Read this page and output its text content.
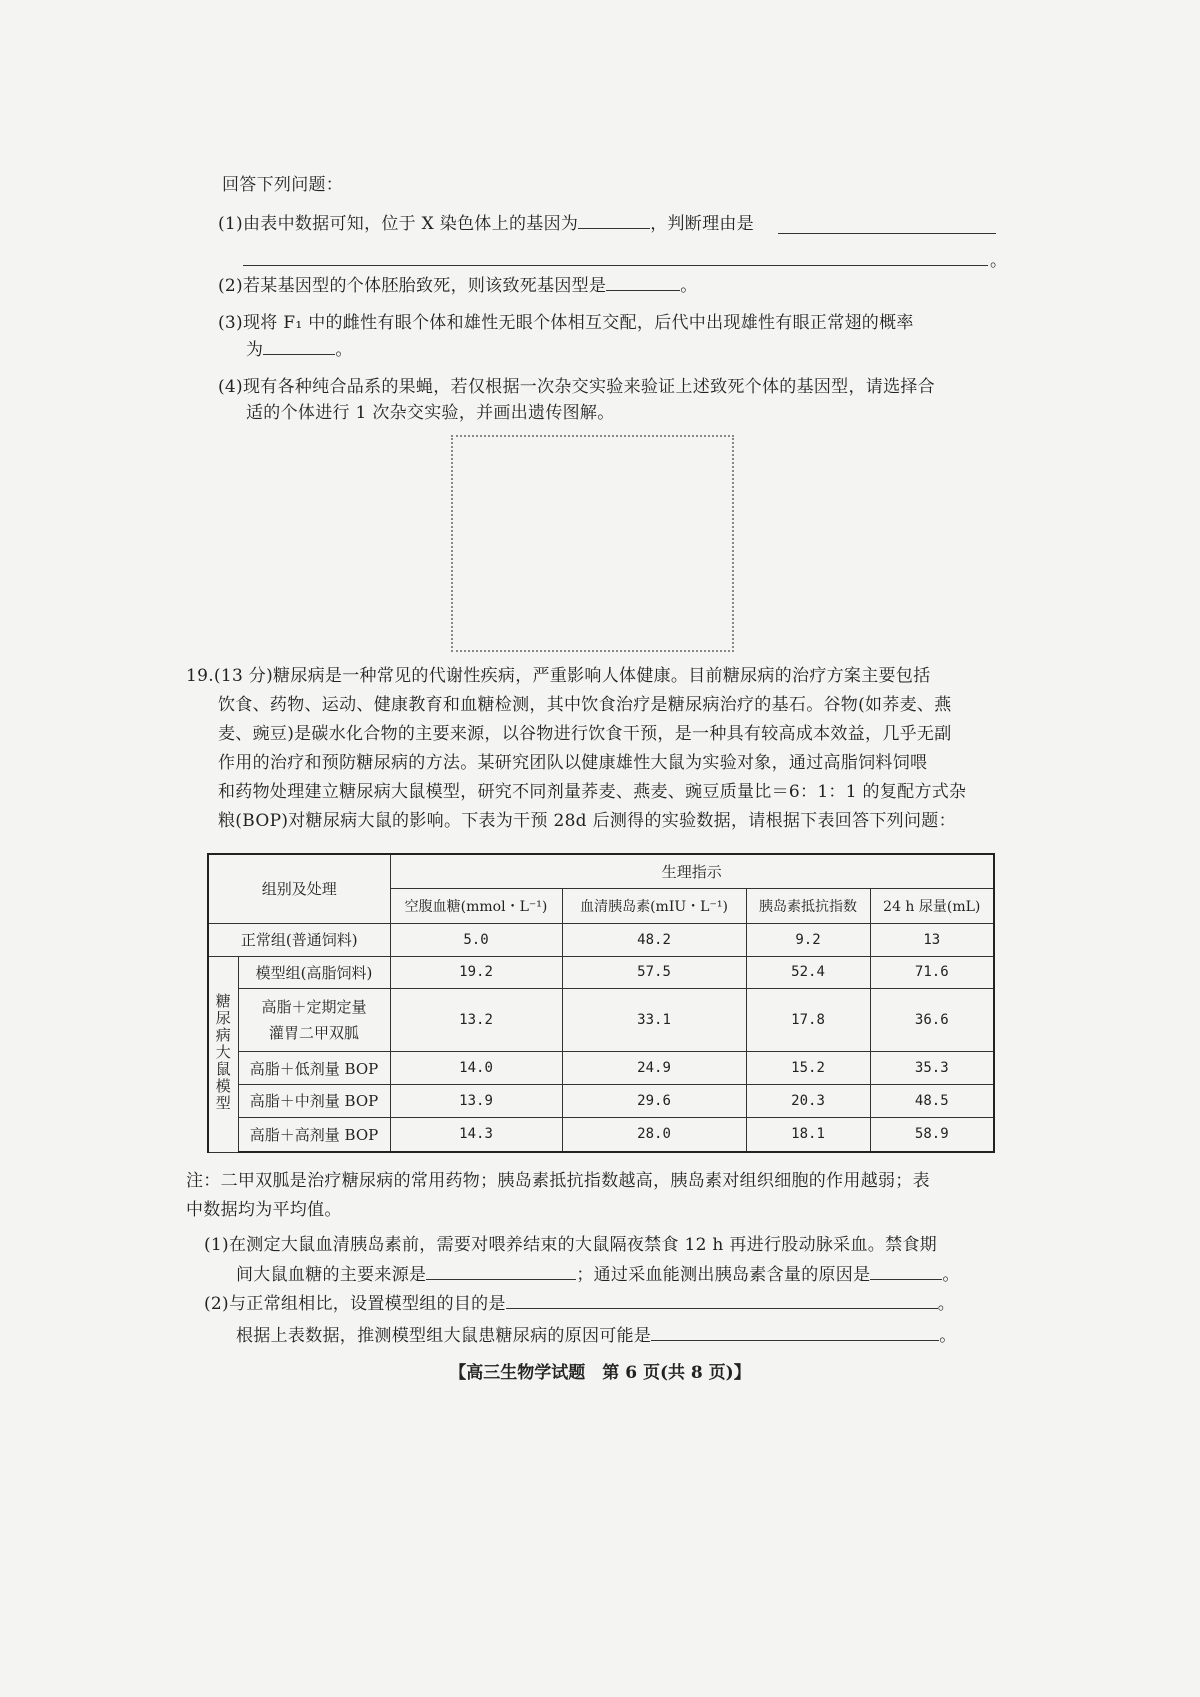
回答下列问题：
(1)由表中数据可知，位于 X 染色体上的基因为	，判断理由是
。
(2)若某基因型的个体胚胎致死，则该致死基因型是	。
(3)现将 F₁ 中的雌性有眼个体和雄性无眼个体相互交配，后代中出现雄性有眼正常翅的概率
为	。
(4)现有各种纯合品系的果蝇，若仅根据一次杂交实验来验证上述致死个体的基因型，请选择合
适的个体进行 1 次杂交实验，并画出遗传图解。
19.(13 分)糖尿病是一种常见的代谢性疾病，严重影响人体健康。目前糖尿病的治疗方案主要包括
饮食、药物、运动、健康教育和血糖检测，其中饮食治疗是糖尿病治疗的基石。谷物(如荞麦、燕
麦、豌豆)是碳水化合物的主要来源，以谷物进行饮食干预，是一种具有较高成本效益，几乎无副
作用的治疗和预防糖尿病的方法。某研究团队以健康雄性大鼠为实验对象，通过高脂饲料饲喂
和药物处理建立糖尿病大鼠模型，研究不同剂量荞麦、燕麦、豌豆质量比＝6：1：1 的复配方式杂
粮(BOP)对糖尿病大鼠的影响。下表为干预 28d 后测得的实验数据，请根据下表回答下列问题：
组别及处理		生理指示			
		空腹血糖(mmol・L⁻¹)	血清胰岛素(mIU・L⁻¹)	胰岛素抵抗指数	24 h 尿量(mL)
正常组(普通饲料)		5.0	48.2	9.2	13
糖尿病大鼠模型	模型组(高脂饲料)	19.2	57.5	52.4	71.6

	高脂＋定期定量
灌胃二甲双胍	13.2	33.1	17.8	36.6
	高脂＋低剂量 BOP	14.0	24.9	15.2	35.3
	高脂＋中剂量 BOP	13.9	29.6	20.3	48.5
	高脂＋高剂量 BOP	14.3	28.0	18.1	58.9
注：二甲双胍是治疗糖尿病的常用药物；胰岛素抵抗指数越高，胰岛素对组织细胞的作用越弱；表
中数据均为平均值。
(1)在测定大鼠血清胰岛素前，需要对喂养结束的大鼠隔夜禁食 12 h 再进行股动脉采血。禁食期
间大鼠血糖的主要来源是	；通过采血能测出胰岛素含量的原因是	。
(2)与正常组相比，设置模型组的目的是	。
根据上表数据，推测模型组大鼠患糖尿病的原因可能是	。
【高三生物学试题　第 6 页(共 8 页)】
